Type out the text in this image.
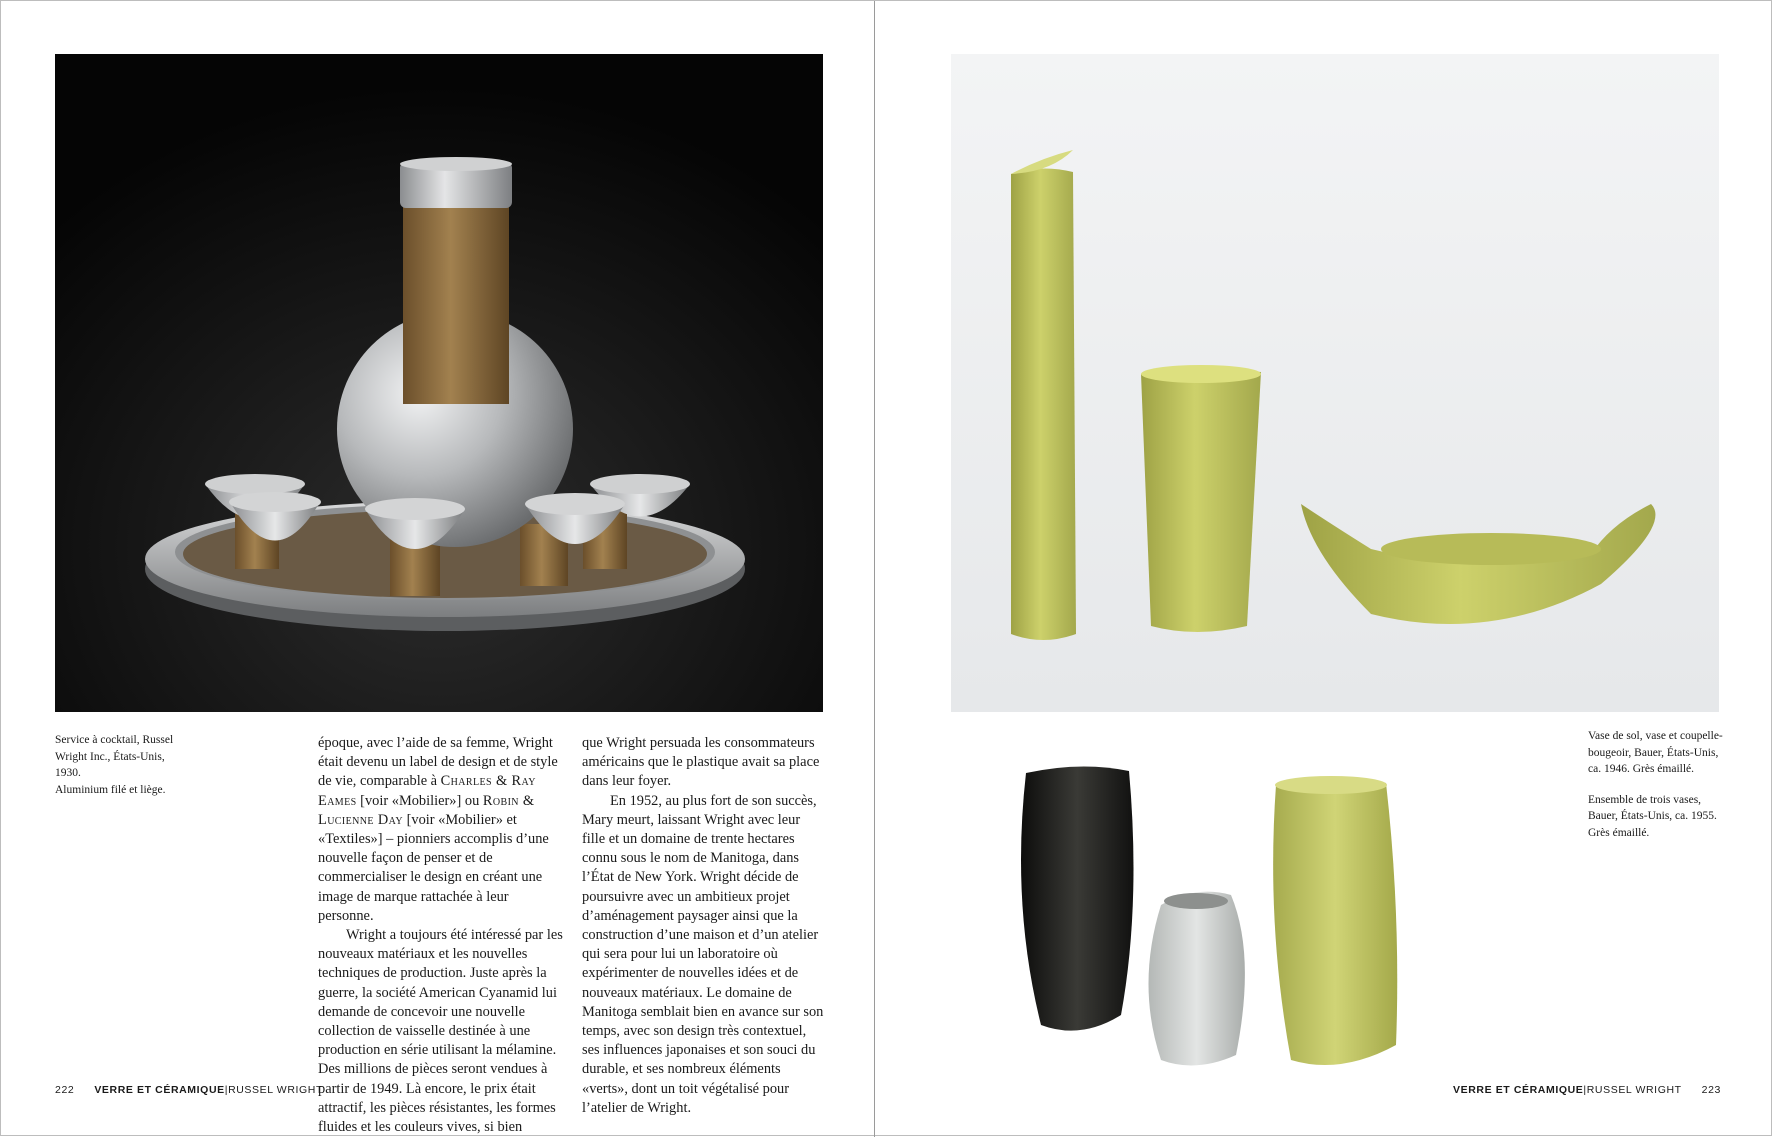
Service à cocktail, Russel
Wright Inc., États-Unis, 1930.
Aluminium filé et liège.

époque, avec l’aide de sa femme, Wright était devenu un label de design et de style de vie, comparable à Charles & Ray Eames [voir «Mobilier»] ou Robin & Lucienne Day [voir «Mobilier» et «Textiles»] – pionniers accomplis d’une nouvelle façon de penser et de commercialiser le design en créant une image de marque rattachée à leur personne.

Wright a toujours été intéressé par les nouveaux matériaux et les nouvelles techniques de production. Juste après la guerre, la société American Cyanamid lui demande de concevoir une nouvelle collection de vaisselle destinée à une production en série utilisant la mélamine. Des millions de pièces seront vendues à partir de 1949. Là encore, le prix était attractif, les pièces résistantes, les formes fluides et les couleurs vives, si bien

que Wright persuada les consommateurs américains que le plastique avait sa place dans leur foyer.

En 1952, au plus fort de son succès, Mary meurt, laissant Wright avec leur fille et un domaine de trente hectares connu sous le nom de Manitoga, dans l’État de New York. Wright décide de poursuivre avec un ambitieux projet d’aménagement paysager ainsi que la construction d’une maison et d’un atelier qui sera pour lui un laboratoire où expérimenter de nouvelles idées et de nouveaux matériaux. Le domaine de Manitoga semblait bien en avance sur son temps, avec son design très contextuel, ses influences japonaises et son souci du durable, et ses nombreux éléments «verts», dont un toit végétalisé pour l’atelier de Wright.

222 VERRE ET CÉRAMIQUE|RUSSEL WRIGHT

Vase de sol, vase et coupelle-
bougeoir, Bauer, États-Unis,
ca. 1946. Grès émaillé.

Ensemble de trois vases,
Bauer, États-Unis, ca. 1955.
Grès émaillé.

VERRE ET CÉRAMIQUE|RUSSEL WRIGHT 223
